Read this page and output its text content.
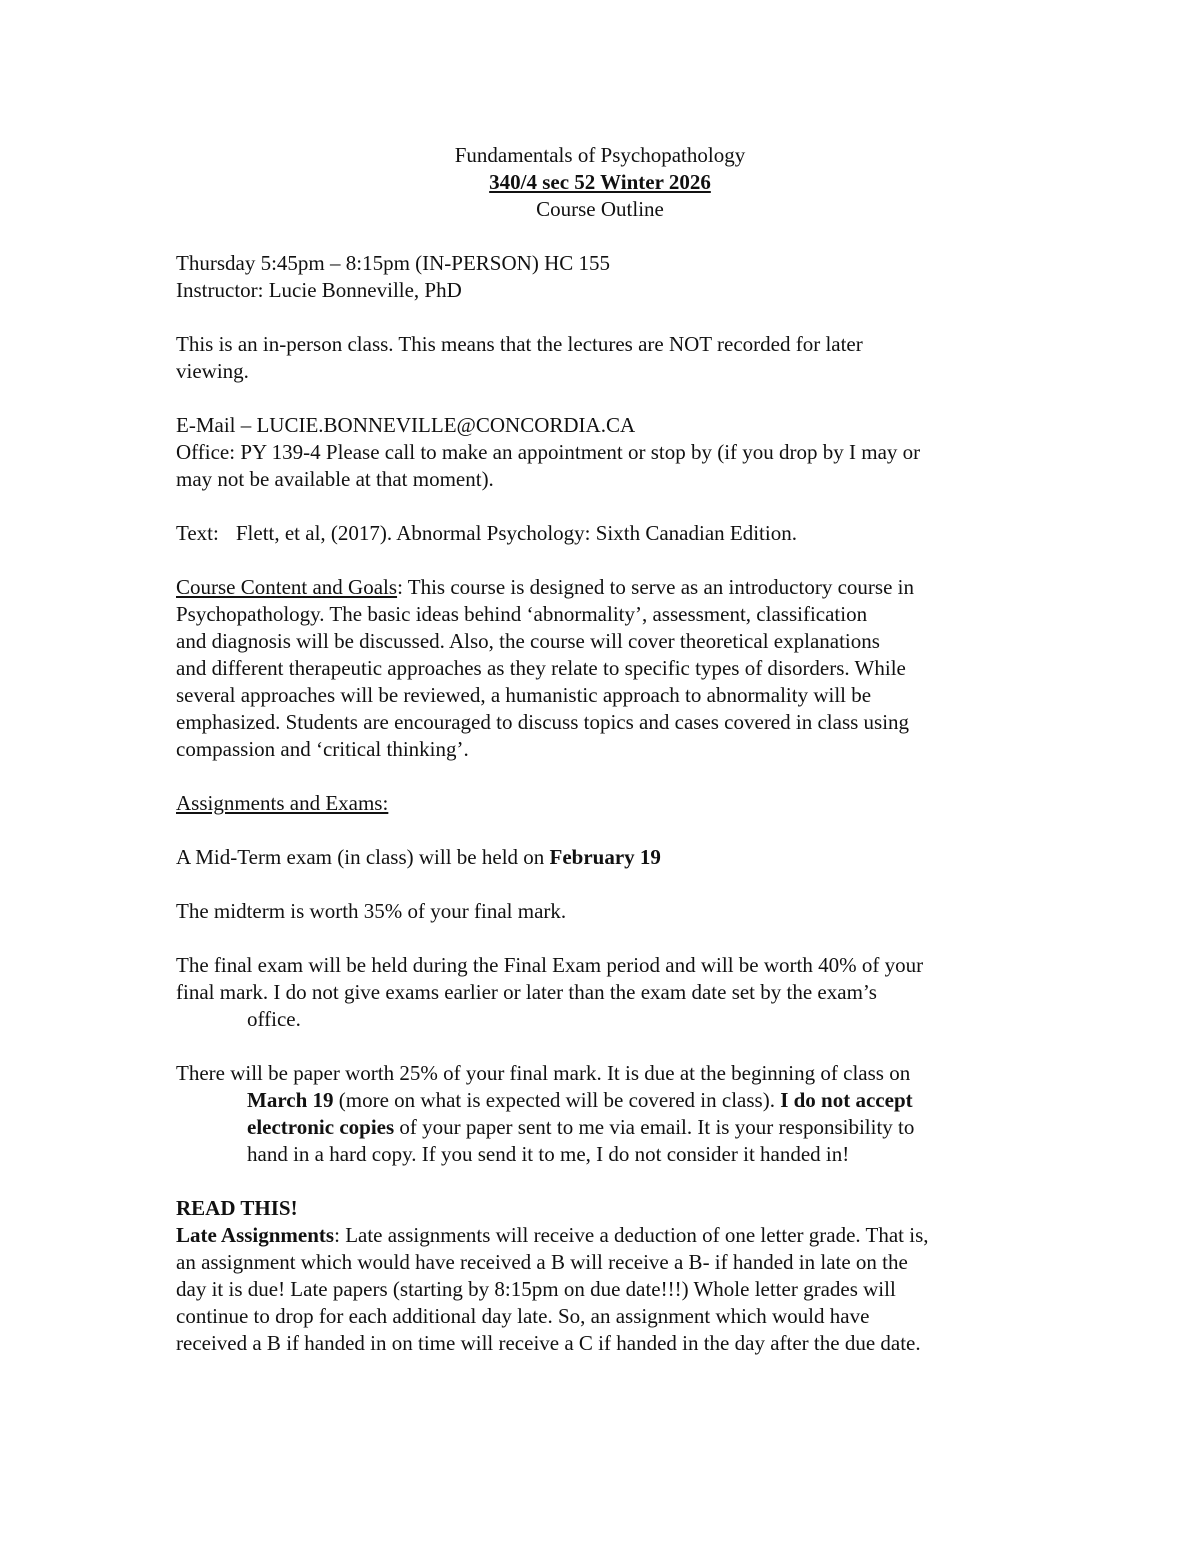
Fundamentals of Psychopathology
340/4 sec 52 Winter 2026
Course Outline
Thursday 5:45pm – 8:15pm (IN-PERSON) HC 155
Instructor: Lucie Bonneville, PhD
This is an in-person class. This means that the lectures are NOT recorded for later
viewing.
E-Mail – LUCIE.BONNEVILLE@CONCORDIA.CA
Office: PY 139-4 Please call to make an appointment or stop by (if you drop by I may or
may not be available at that moment).
Text: Flett, et al, (2017). Abnormal Psychology: Sixth Canadian Edition.
Course Content and Goals: This course is designed to serve as an introductory course in
Psychopathology. The basic ideas behind ‘abnormality’, assessment, classification
and diagnosis will be discussed. Also, the course will cover theoretical explanations
and different therapeutic approaches as they relate to specific types of disorders. While
several approaches will be reviewed, a humanistic approach to abnormality will be
emphasized. Students are encouraged to discuss topics and cases covered in class using
compassion and ‘critical thinking’.
Assignments and Exams:
A Mid-Term exam (in class) will be held on February 19
The midterm is worth 35% of your final mark.
The final exam will be held during the Final Exam period and will be worth 40% of your
final mark. I do not give exams earlier or later than the exam date set by the exam’s
office.
There will be paper worth 25% of your final mark. It is due at the beginning of class on
March 19 (more on what is expected will be covered in class). I do not accept
electronic copies of your paper sent to me via email. It is your responsibility to
hand in a hard copy. If you send it to me, I do not consider it handed in!
READ THIS!
Late Assignments: Late assignments will receive a deduction of one letter grade. That is,
an assignment which would have received a B will receive a B- if handed in late on the
day it is due! Late papers (starting by 8:15pm on due date!!!) Whole letter grades will
continue to drop for each additional day late. So, an assignment which would have
received a B if handed in on time will receive a C if handed in the day after the due date.
